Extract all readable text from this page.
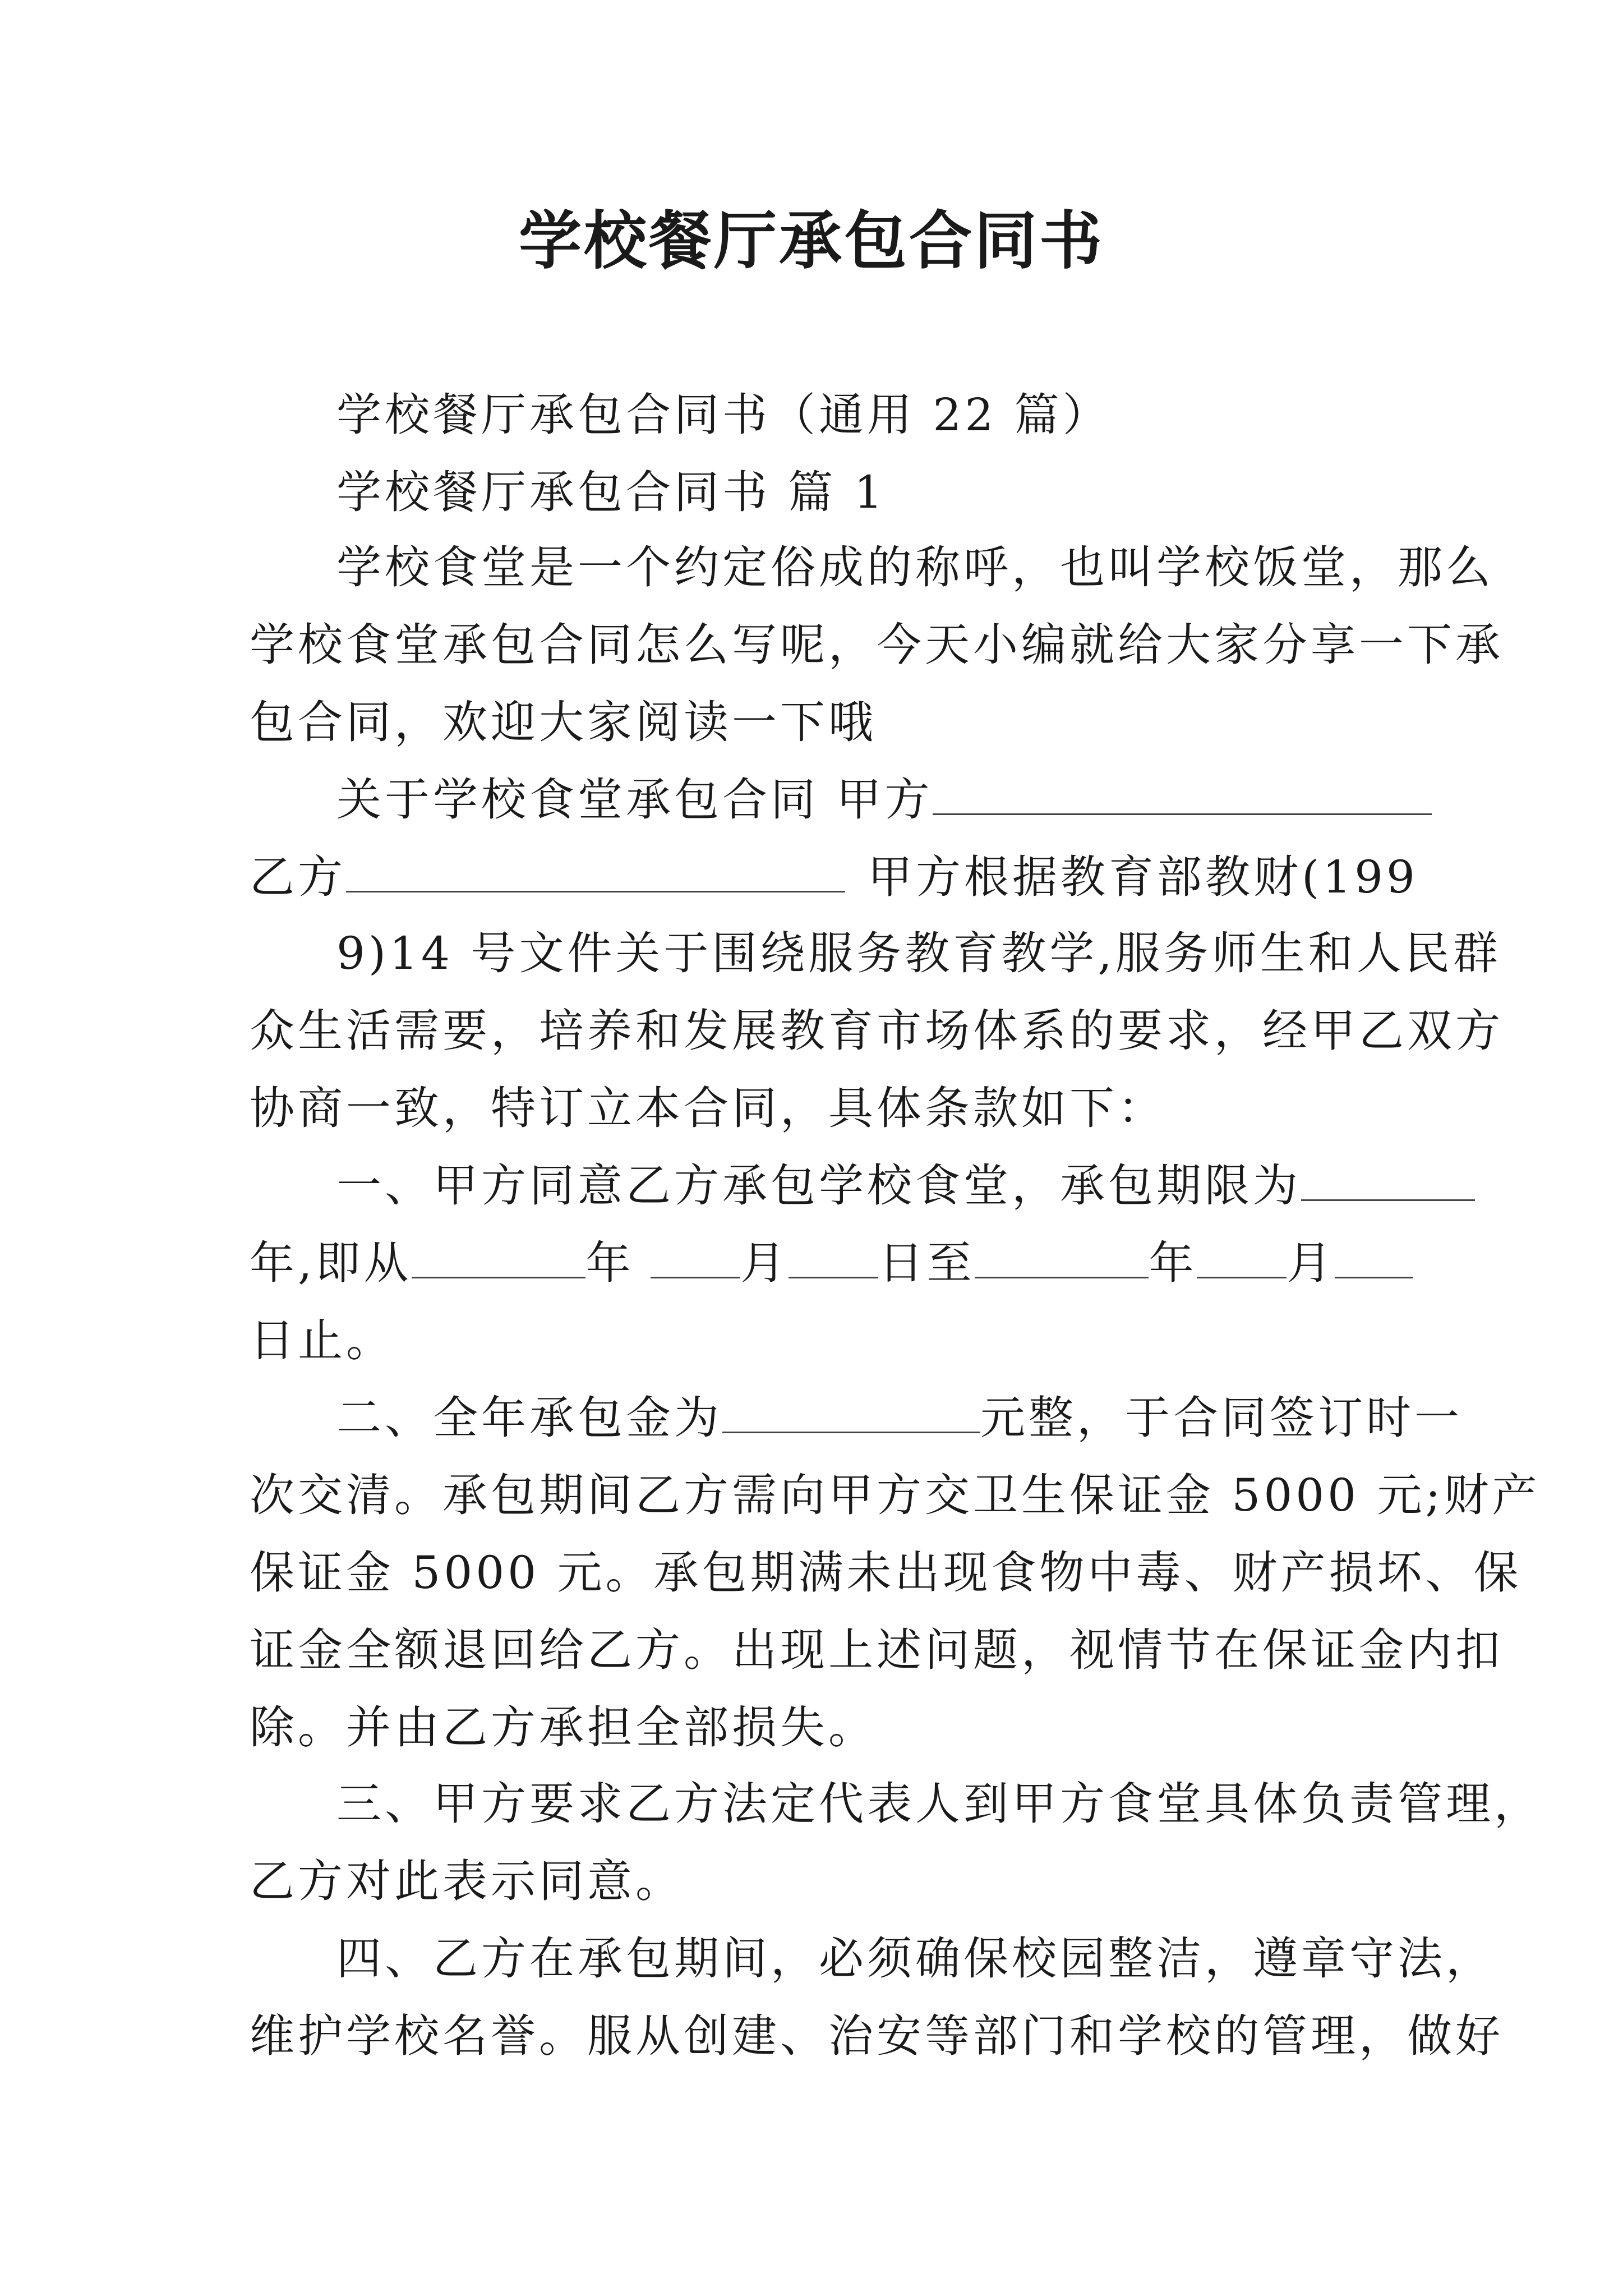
学校餐厅承包合同书
学校餐厅承包合同书（通用 22 篇）
学校餐厅承包合同书 篇 1
学校食堂是一个约定俗成的称呼，也叫学校饭堂，那么
学校食堂承包合同怎么写呢，今天小编就给大家分享一下承
包合同，欢迎大家阅读一下哦
关于学校食堂承包合同 甲方
乙方	甲方根据教育部教财(199
9)14 号文件关于围绕服务教育教学,服务师生和人民群
众生活需要，培养和发展教育市场体系的要求，经甲乙双方
协商一致，特订立本合同，具体条款如下：
一、甲方同意乙方承包学校食堂，承包期限为
年,即从	年 月 日至	年 月
日止。
二、全年承包金为	元整，于合同签订时一
次交清。承包期间乙方需向甲方交卫生保证金 5000 元;财产
保证金 5000 元。承包期满未出现食物中毒、财产损坏、保
证金全额退回给乙方。出现上述问题，视情节在保证金内扣
除。并由乙方承担全部损失。
三、甲方要求乙方法定代表人到甲方食堂具体负责管理，
乙方对此表示同意。
四、乙方在承包期间，必须确保校园整洁，遵章守法，
维护学校名誉。服从创建、治安等部门和学校的管理，做好
